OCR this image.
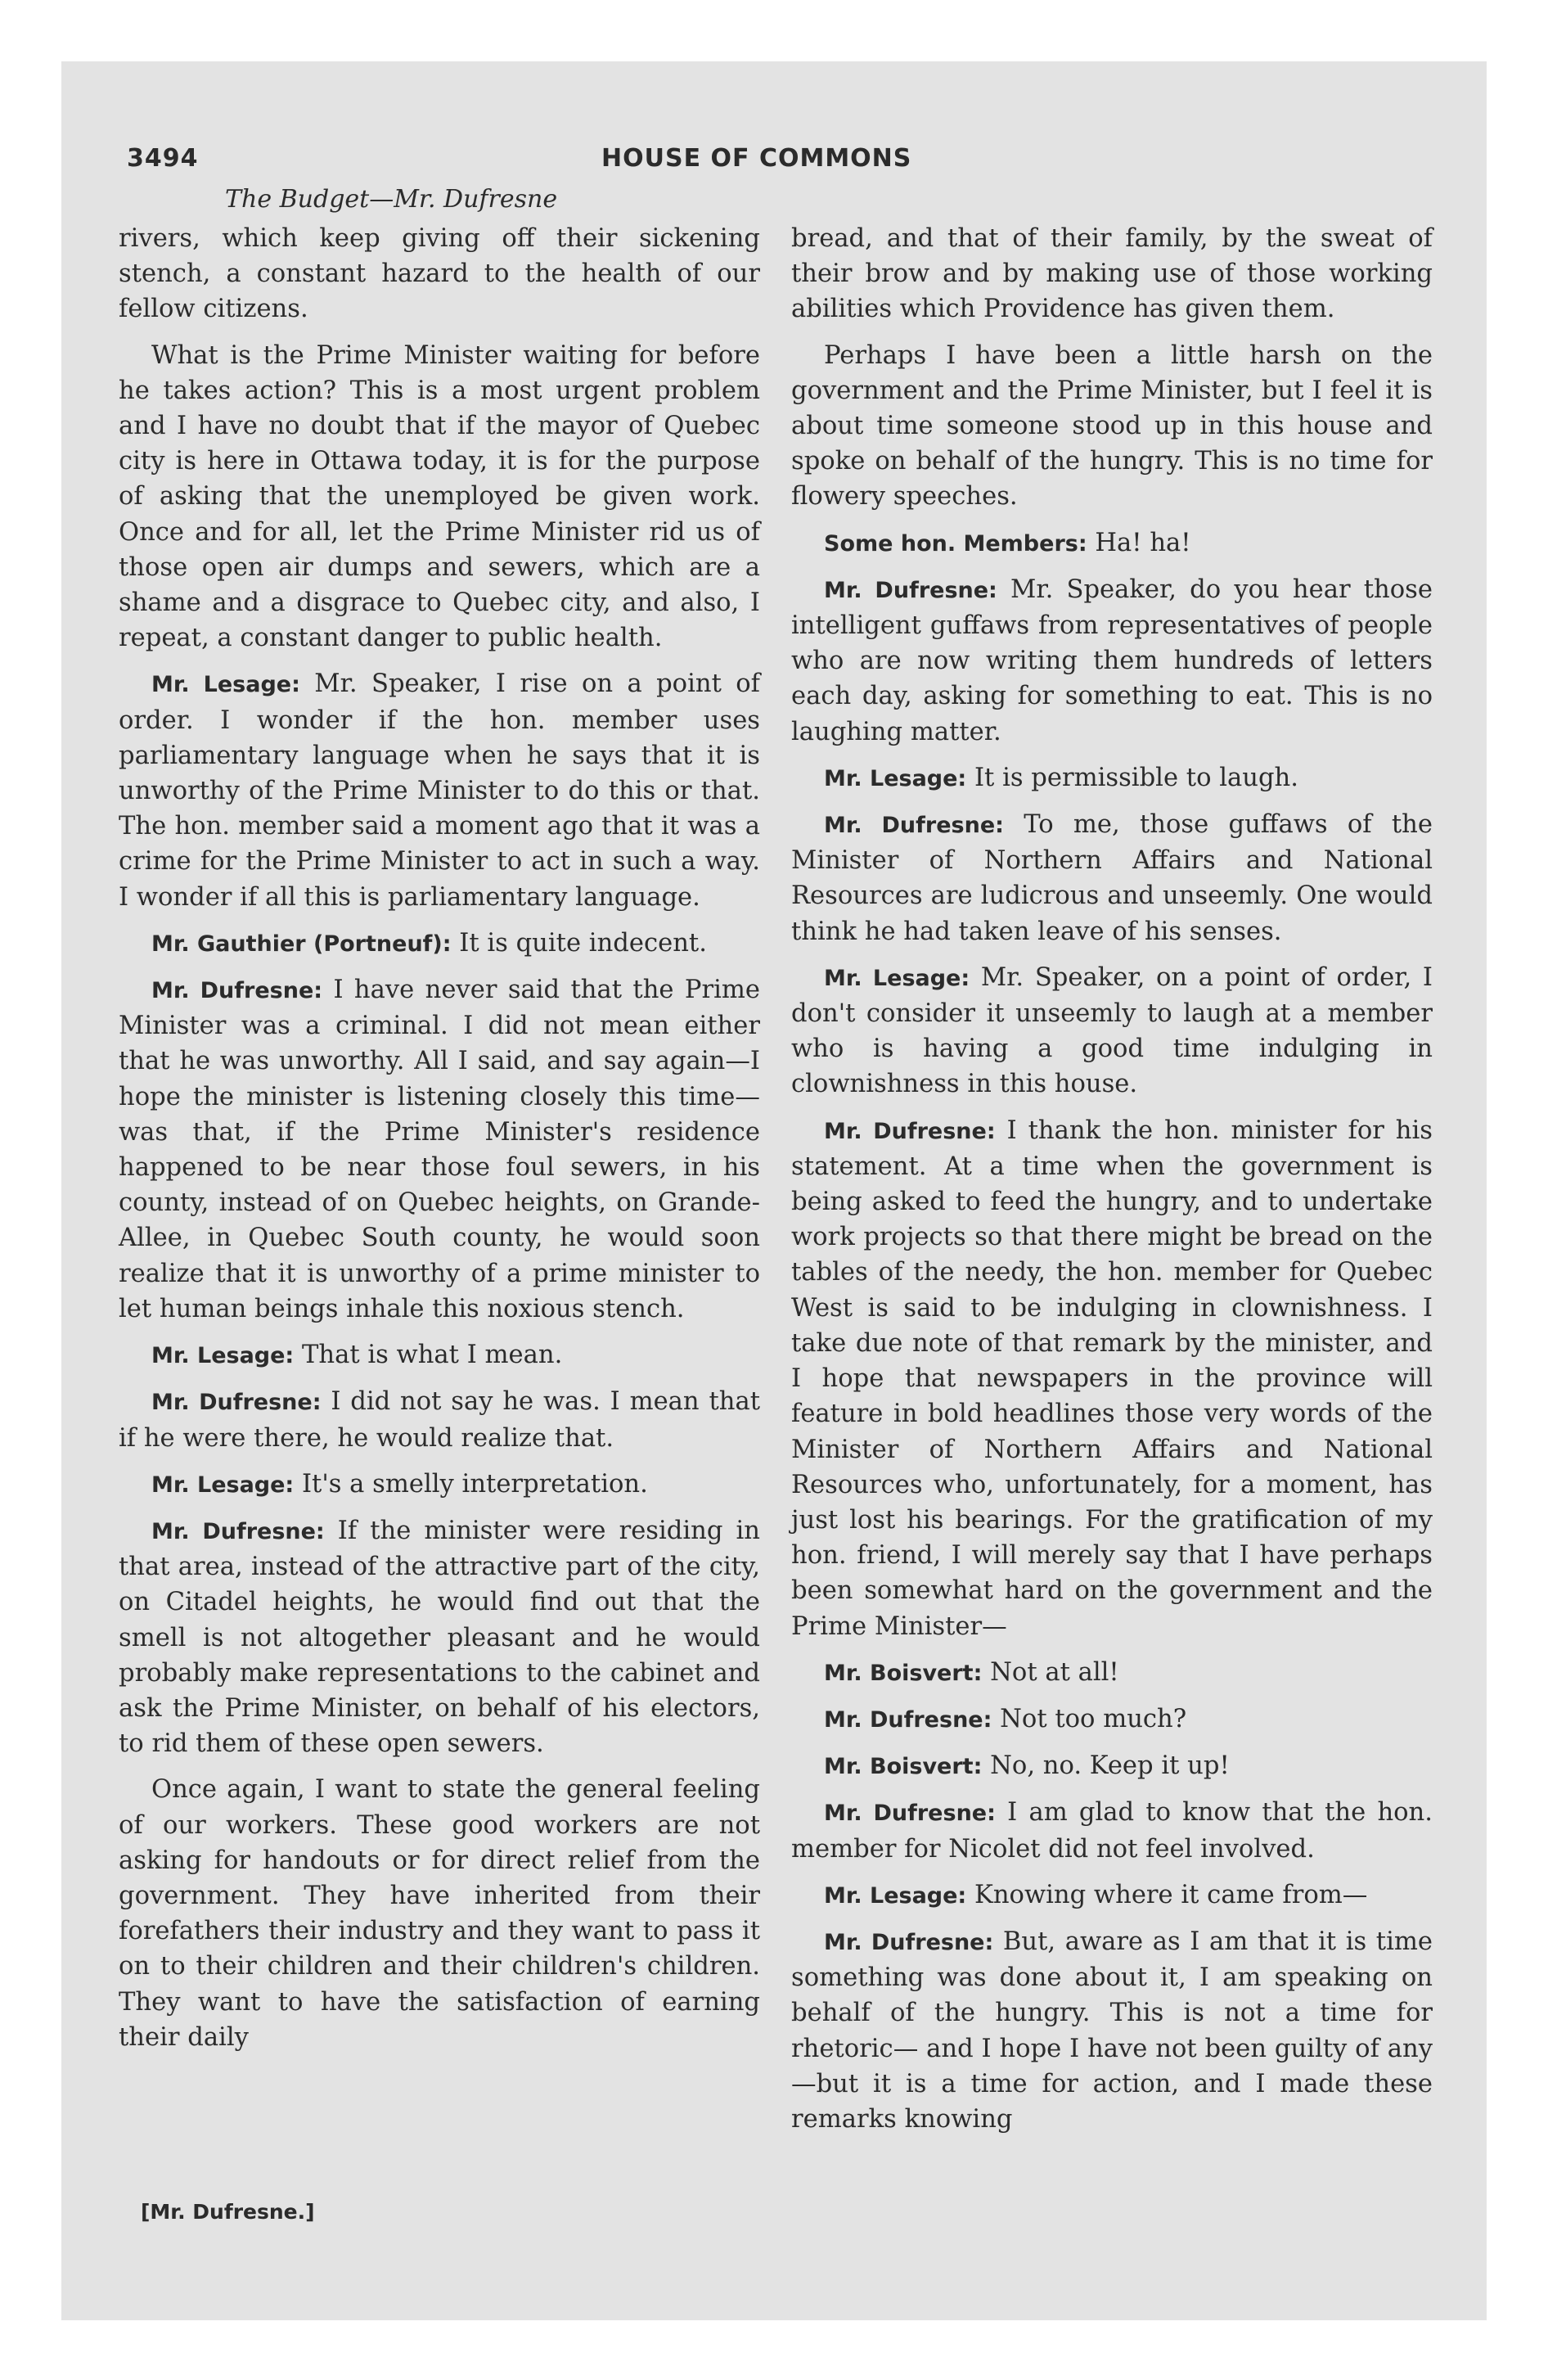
3494	HOUSE OF COMMONS
The Budget—Mr. Dufresne

rivers, which keep giving off their sickening stench, a constant hazard to the health of our fellow citizens.

What is the Prime Minister waiting for before he takes action? This is a most urgent problem and I have no doubt that if the mayor of Quebec city is here in Ottawa today, it is for the purpose of asking that the unemployed be given work. Once and for all, let the Prime Minister rid us of those open air dumps and sewers, which are a shame and a disgrace to Quebec city, and also, I repeat, a constant danger to public health.

Mr. Lesage: Mr. Speaker, I rise on a point of order. I wonder if the hon. member uses parliamentary language when he says that it is unworthy of the Prime Minister to do this or that. The hon. member said a moment ago that it was a crime for the Prime Minister to act in such a way. I wonder if all this is parliamentary language.

Mr. Gauthier (Portneuf): It is quite indecent.

Mr. Dufresne: I have never said that the Prime Minister was a criminal. I did not mean either that he was unworthy. All I said, and say again—I hope the minister is listening closely this time—was that, if the Prime Minister's residence happened to be near those foul sewers, in his county, instead of on Quebec heights, on Grande-Allee, in Quebec South county, he would soon realize that it is unworthy of a prime minister to let human beings inhale this noxious stench.

Mr. Lesage: That is what I mean.

Mr. Dufresne: I did not say he was. I mean that if he were there, he would realize that.

Mr. Lesage: It's a smelly interpretation.

Mr. Dufresne: If the minister were residing in that area, instead of the attractive part of the city, on Citadel heights, he would find out that the smell is not altogether pleasant and he would probably make representations to the cabinet and ask the Prime Minister, on behalf of his electors, to rid them of these open sewers.

Once again, I want to state the general feeling of our workers. These good workers are not asking for handouts or for direct relief from the government. They have inherited from their forefathers their industry and they want to pass it on to their children and their children's children. They want to have the satisfaction of earning their daily

bread, and that of their family, by the sweat of their brow and by making use of those working abilities which Providence has given them.

Perhaps I have been a little harsh on the government and the Prime Minister, but I feel it is about time someone stood up in this house and spoke on behalf of the hungry. This is no time for flowery speeches.

Some hon. Members: Ha! ha!

Mr. Dufresne: Mr. Speaker, do you hear those intelligent guffaws from representatives of people who are now writing them hundreds of letters each day, asking for something to eat. This is no laughing matter.

Mr. Lesage: It is permissible to laugh.

Mr. Dufresne: To me, those guffaws of the Minister of Northern Affairs and National Resources are ludicrous and unseemly. One would think he had taken leave of his senses.

Mr. Lesage: Mr. Speaker, on a point of order, I don't consider it unseemly to laugh at a member who is having a good time indulging in clownishness in this house.

Mr. Dufresne: I thank the hon. minister for his statement. At a time when the government is being asked to feed the hungry, and to undertake work projects so that there might be bread on the tables of the needy, the hon. member for Quebec West is said to be indulging in clownishness. I take due note of that remark by the minister, and I hope that newspapers in the province will feature in bold headlines those very words of the Minister of Northern Affairs and National Resources who, unfortunately, for a moment, has just lost his bearings. For the gratification of my hon. friend, I will merely say that I have perhaps been somewhat hard on the government and the Prime Minister—

Mr. Boisvert: Not at all!

Mr. Dufresne: Not too much?

Mr. Boisvert: No, no. Keep it up!

Mr. Dufresne: I am glad to know that the hon. member for Nicolet did not feel involved.

Mr. Lesage: Knowing where it came from—

Mr. Dufresne: But, aware as I am that it is time something was done about it, I am speaking on behalf of the hungry. This is not a time for rhetoric— and I hope I have not been guilty of any—but it is a time for action, and I made these remarks knowing

[Mr. Dufresne.]
